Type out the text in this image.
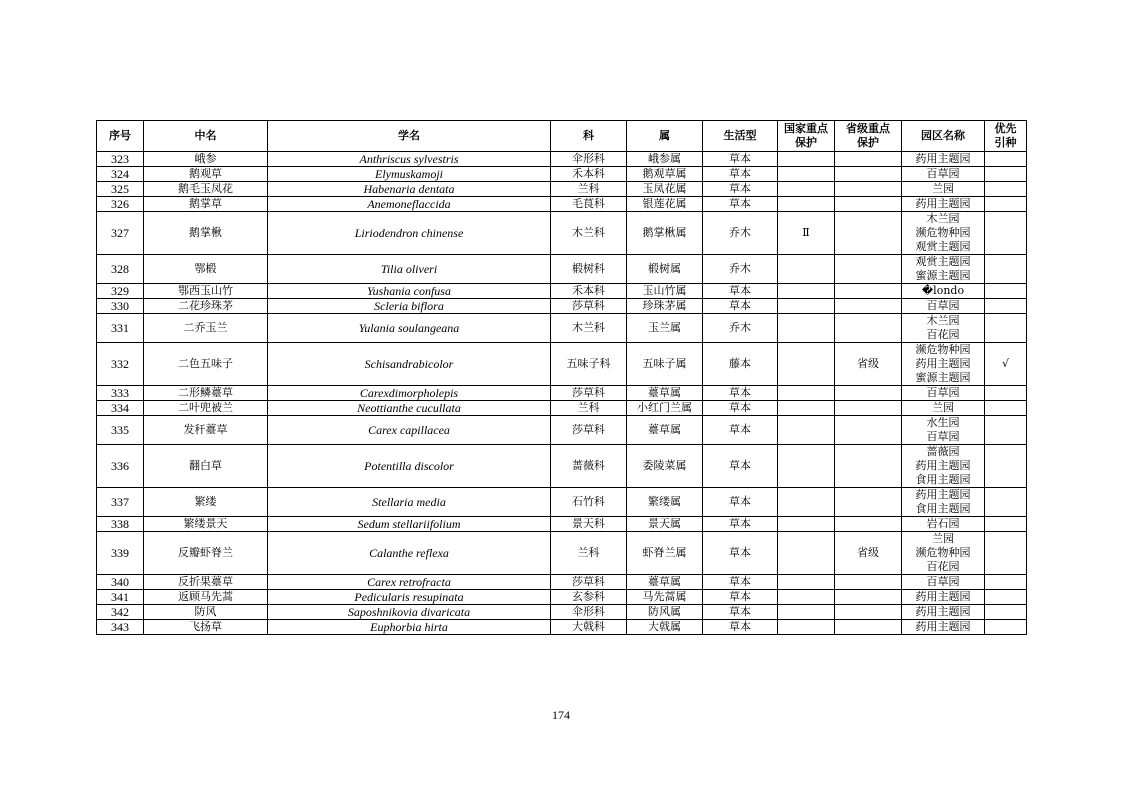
序号	中名	学名	科	属	生活型	国家重点保护	省级重点保护	园区名称	优先引种
323	峨参	Anthriscus sylvestris	伞形科	峨参属	草本			药用主题园	

324	鹅观草	Elymuskamoji	禾本科	鹅观草属	草本			百草园	

325	鹅毛玉凤花	Habenaria dentata	兰科	玉凤花属	草本			兰园	

326	鹅掌草	Anemoneflaccida	毛茛科	银莲花属	草本			药用主题园	

327	鹅掌楸	Liriodendron chinense	木兰科	鹅掌楸属	乔木	Ⅱ		木兰园
濒危物种园
观赏主题园	

328	鄂椴	Tilia oliveri	椴树科	椴树属	乔木			观赏主题园
蜜源主题园	

329	鄂西玉山竹	Yushania confusa	禾本科	玉山竹属	草本			�londo	

330	二花珍珠茅	Scleria biflora	莎草科	珍珠茅属	草本			百草园	

331	二乔玉兰	Yulania soulangeana	木兰科	玉兰属	乔木			木兰园
百花园	

332	二色五味子	Schisandrabicolor	五味子科	五味子属	藤本		省级	濒危物种园
药用主题园
蜜源主题园	√
333	二形鳞薹草	Carexdimorpholepis	莎草科	薹草属	草本			百草园	

334	二叶兜被兰	Neottianthe cucullata	兰科	小红门兰属	草本			兰园	

335	发秆薹草	Carex capillacea	莎草科	薹草属	草本			水生园
百草园	

336	翻白草	Potentilla discolor	蔷薇科	委陵菜属	草本			蔷薇园
药用主题园
食用主题园	

337	繁缕	Stellaria media	石竹科	繁缕属	草本			药用主题园
食用主题园	

338	繁缕景天	Sedum stellariifolium	景天科	景天属	草本			岩石园	

339	反瓣虾脊兰	Calanthe reflexa	兰科	虾脊兰属	草本		省级	兰园
濒危物种园
百花园	

340	反折果薹草	Carex retrofracta	莎草科	薹草属	草本			百草园	

341	返顾马先蒿	Pedicularis resupinata	玄参科	马先蒿属	草本			药用主题园	

342	防风	Saposhnikovia divaricata	伞形科	防风属	草本			药用主题园	

343	飞扬草	Euphorbia hirta	大戟科	大戟属	草本			药用主题园	

174
